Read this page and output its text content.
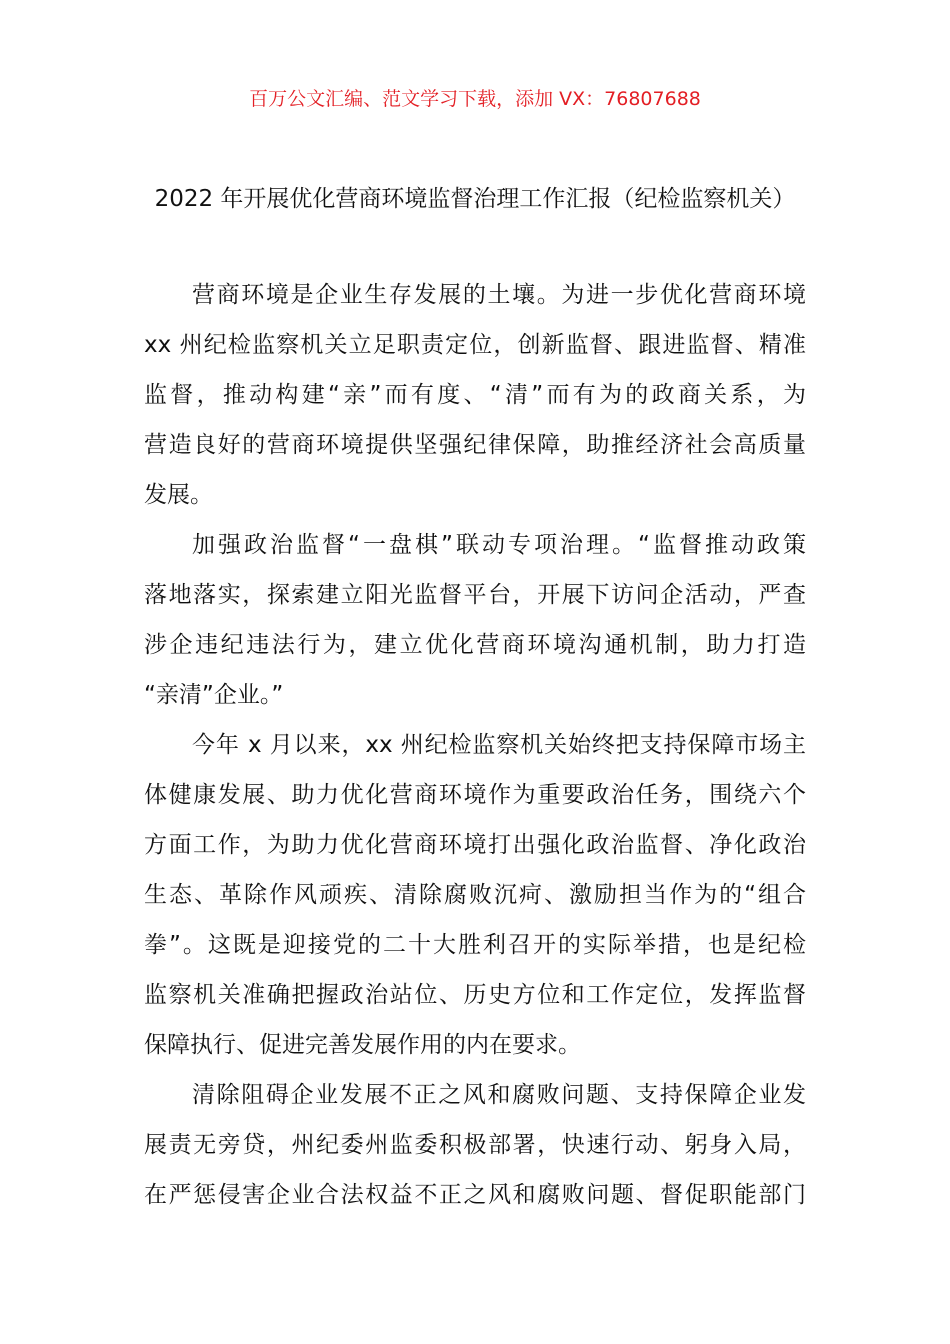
百万公文汇编、范文学习下载，添加 VX：76807688
2022 年开展优化营商环境监督治理工作汇报（纪检监察机关）
营商环境是企业生存发展的土壤。为进一步优化营商环境
xx 州纪检监察机关立足职责定位，创新监督、跟进监督、精准
监督，推动构建“亲”而有度、“清”而有为的政商关系，为
营造良好的营商环境提供坚强纪律保障，助推经济社会高质量
发展。
加强政治监督“一盘棋”联动专项治理。“监督推动政策
落地落实，探索建立阳光监督平台，开展下访问企活动，严查
涉企违纪违法行为，建立优化营商环境沟通机制，助力打造
“亲清”企业。”
今年 x 月以来，xx 州纪检监察机关始终把支持保障市场主
体健康发展、助力优化营商环境作为重要政治任务，围绕六个
方面工作，为助力优化营商环境打出强化政治监督、净化政治
生态、革除作风顽疾、清除腐败沉疴、激励担当作为的“组合
拳”。这既是迎接党的二十大胜利召开的实际举措，也是纪检
监察机关准确把握政治站位、历史方位和工作定位，发挥监督
保障执行、促进完善发展作用的内在要求。
清除阻碍企业发展不正之风和腐败问题、支持保障企业发
展责无旁贷，州纪委州监委积极部署，快速行动、躬身入局，
在严惩侵害企业合法权益不正之风和腐败问题、督促职能部门
